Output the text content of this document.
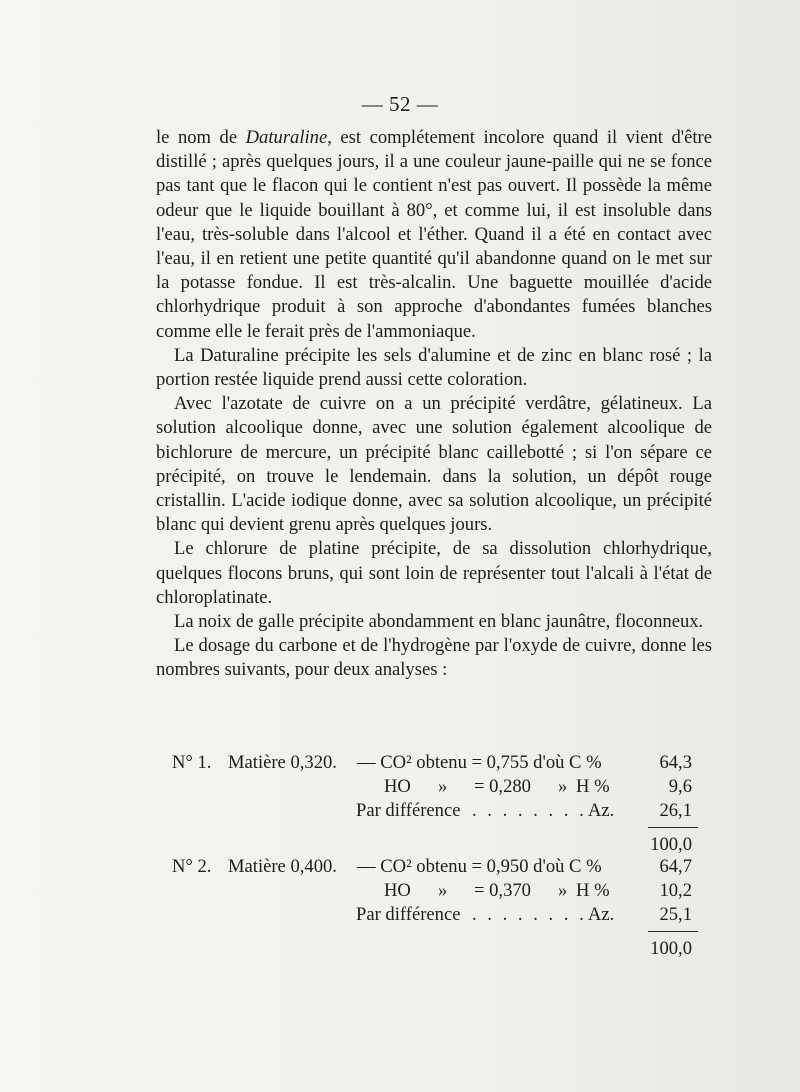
— 52 —

le nom de Daturaline, est complétement incolore quand il vient d'être distillé ; après quelques jours, il a une couleur jaune-paille qui ne se fonce pas tant que le flacon qui le contient n'est pas ouvert. Il possède la même odeur que le liquide bouillant à 80°, et comme lui, il est insoluble dans l'eau, très-soluble dans l'alcool et l'éther. Quand il a été en contact avec l'eau, il en retient une petite quantité qu'il abandonne quand on le met sur la potasse fondue. Il est très-alcalin. Une baguette mouillée d'acide chlorhydrique produit à son approche d'abondantes fumées blanches comme elle le ferait près de l'ammoniaque.

La Daturaline précipite les sels d'alumine et de zinc en blanc rosé ; la portion restée liquide prend aussi cette coloration.

Avec l'azotate de cuivre on a un précipité verdâtre, gélatineux. La solution alcoolique donne, avec une solution également alcoolique de bichlorure de mercure, un précipité blanc caillebotté ; si l'on sépare ce précipité, on trouve le lendemain. dans la solution, un dépôt rouge cristallin. L'acide iodique donne, avec sa solution alcoolique, un précipité blanc qui devient grenu après quelques jours.

Le chlorure de platine précipite, de sa dissolution chlorhydrique, quelques flocons bruns, qui sont loin de représenter tout l'alcali à l'état de chloroplatinate.

La noix de galle précipite abondamment en blanc jaunâtre, floconneux.

Le dosage du carbone et de l'hydrogène par l'oxyde de cuivre, donne les nombres suivants, pour deux analyses :

N° 1. Matière 0,320. — CO² obtenu = 0,755 d'où C %	64,3
HO » = 0,280 » H %	9,6
Par différence . . . . . . . . Az.	26,1
100,0
N° 2. Matière 0,400. — CO² obtenu = 0,950 d'où C %	64,7
HO » = 0,370 » H %	10,2
Par différence . . . . . . . . Az.	25,1
100,0
